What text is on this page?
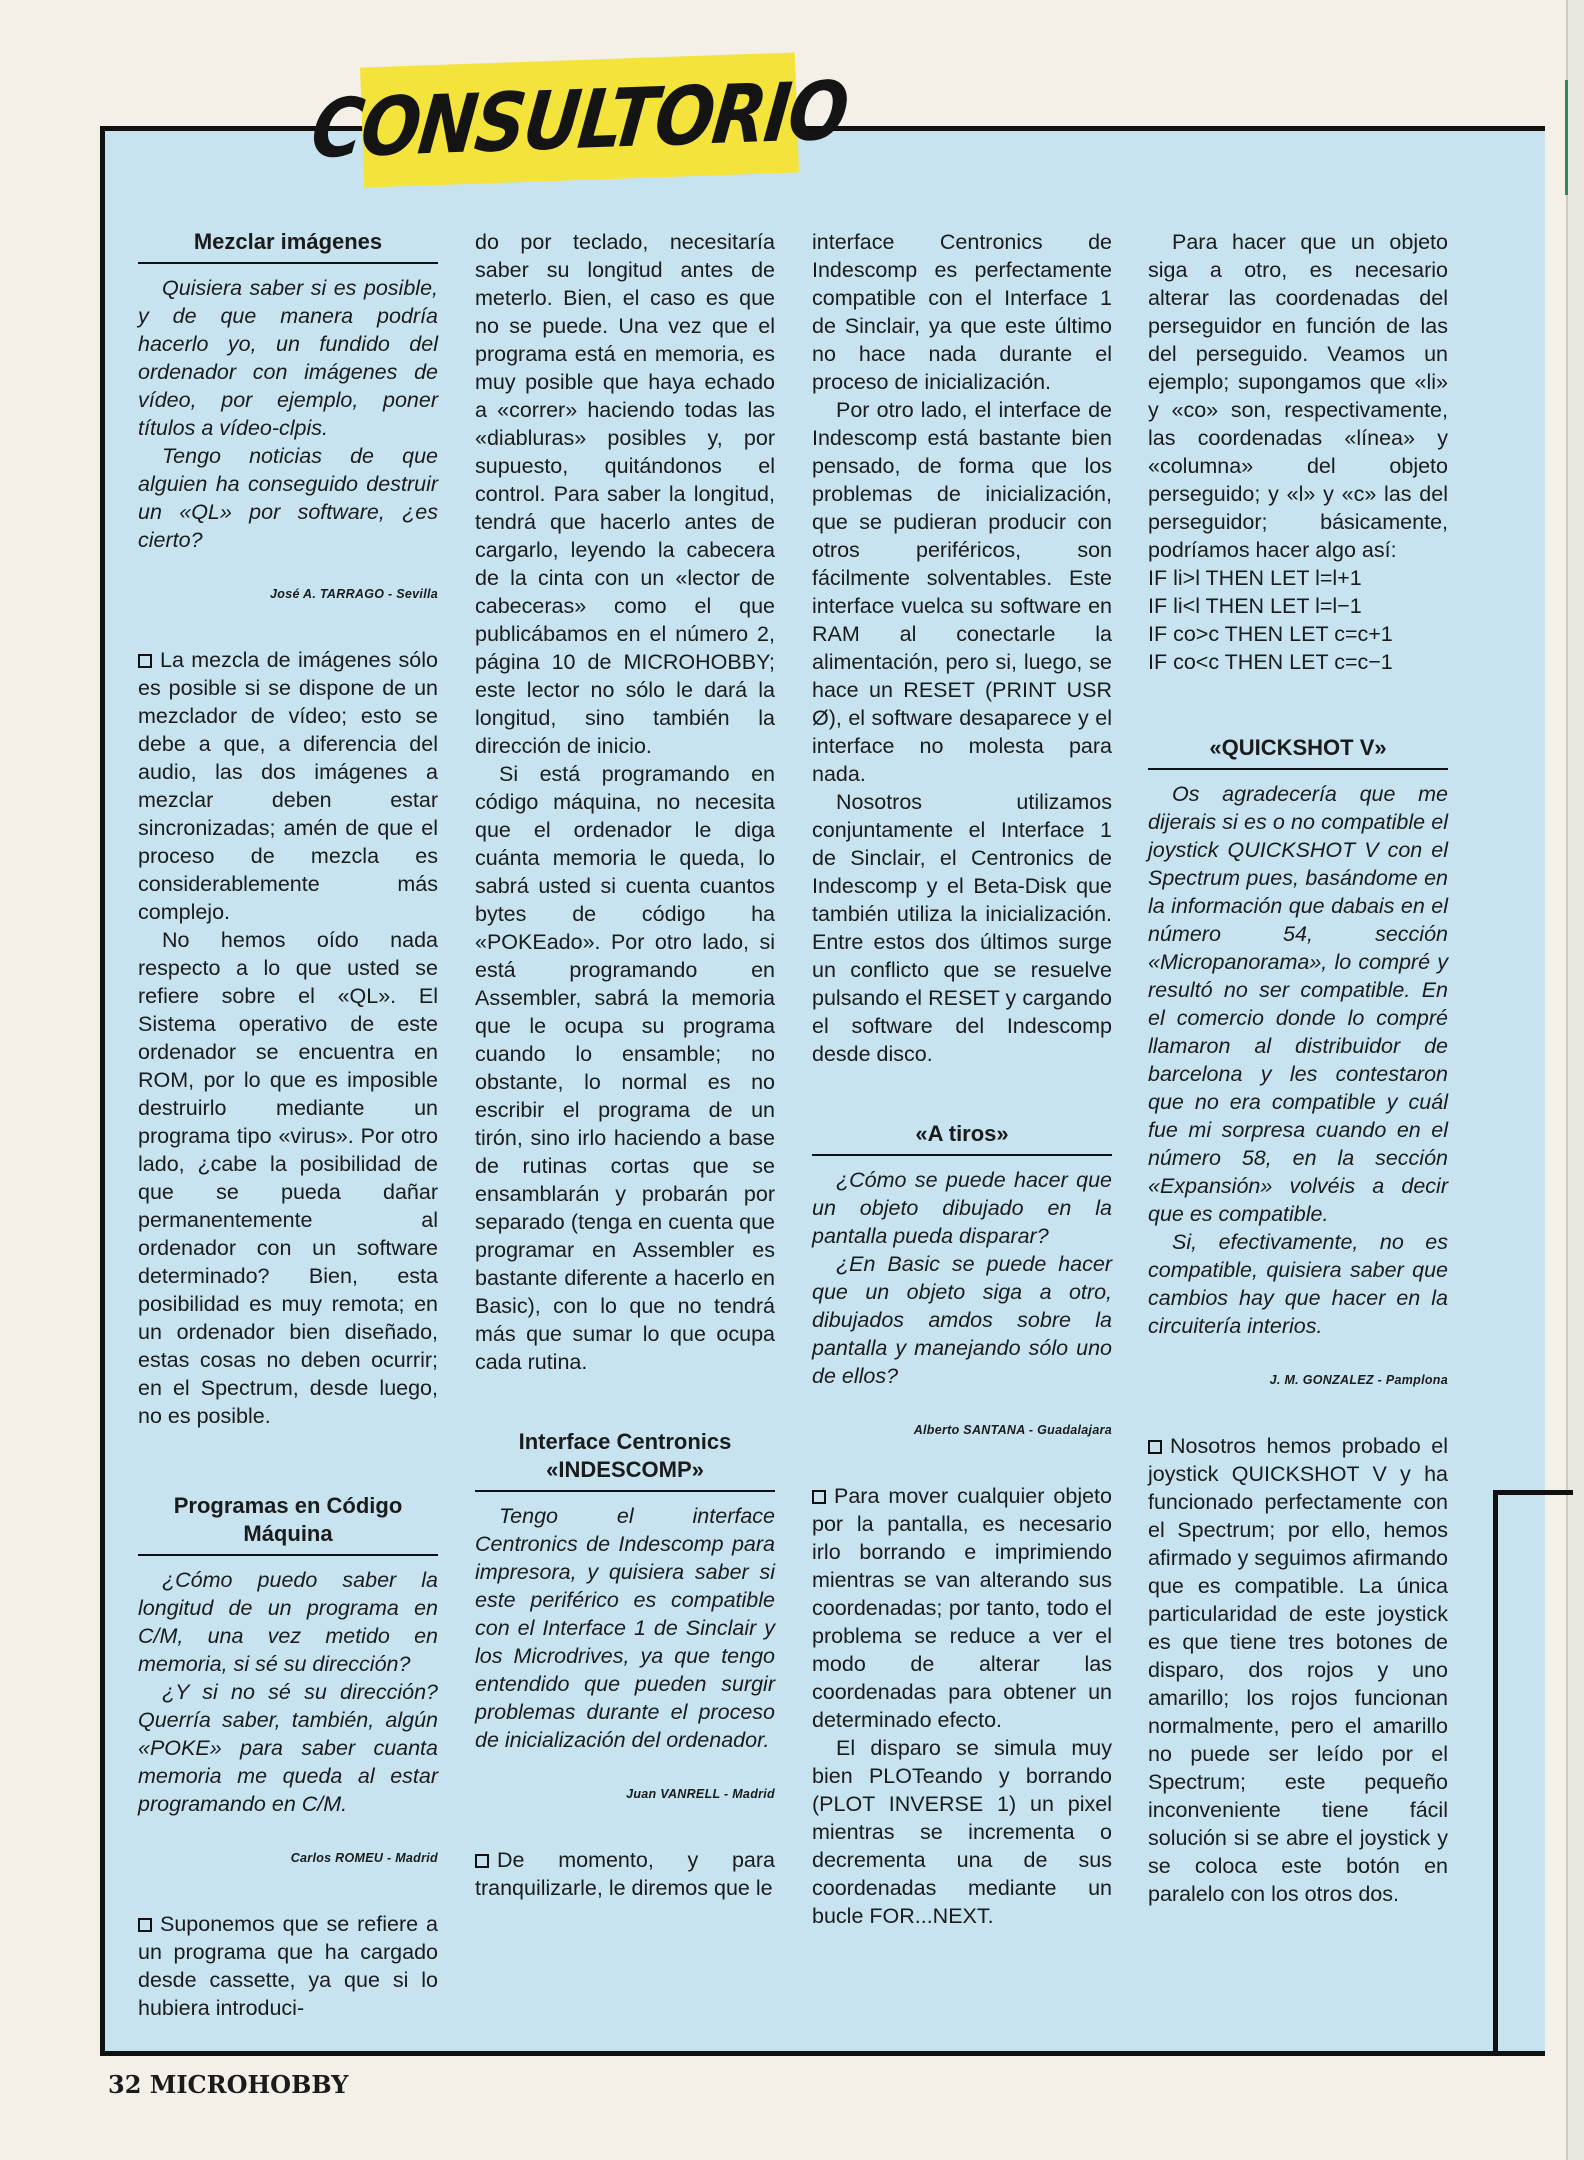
CONSULTORIO
Mezclar imágenes

Quisiera saber si es posible, y de que manera podría hacerlo yo, un fundido del ordenador con imágenes de vídeo, por ejemplo, poner títulos a vídeo-clpis.

Tengo noticias de que alguien ha conseguido destruir un «QL» por software, ¿es cierto?

José A. TARRAGO - Sevilla

La mezcla de imágenes sólo es posible si se dispone de un mezclador de vídeo; esto se debe a que, a diferencia del audio, las dos imágenes a mezclar deben estar sincronizadas; amén de que el proceso de mezcla es considerablemente más complejo.

No hemos oído nada respecto a lo que usted se refiere sobre el «QL». El Sistema operativo de este ordenador se encuentra en ROM, por lo que es imposible destruirlo mediante un programa tipo «virus». Por otro lado, ¿cabe la posibilidad de que se pueda dañar permanentemente al ordenador con un software determinado? Bien, esta posibilidad es muy remota; en un ordenador bien diseñado, estas cosas no deben ocurrir; en el Spectrum, desde luego, no es posible.

Programas en Código Máquina

¿Cómo puedo saber la longitud de un programa en C/M, una vez metido en memoria, si sé su dirección?

¿Y si no sé su dirección? Querría saber, también, algún «POKE» para saber cuanta memoria me queda al estar programando en C/M.

Carlos ROMEU - Madrid

Suponemos que se refiere a un programa que ha cargado desde cassette, ya que si lo hubiera introduci-

do por teclado, necesitaría saber su longitud antes de meterlo. Bien, el caso es que no se puede. Una vez que el programa está en memoria, es muy posible que haya echado a «correr» haciendo todas las «diabluras» posibles y, por supuesto, quitándonos el control. Para saber la longitud, tendrá que hacerlo antes de cargarlo, leyendo la cabecera de la cinta con un «lector de cabeceras» como el que publicábamos en el número 2, página 10 de MICROHOBBY; este lector no sólo le dará la longitud, sino también la dirección de inicio.

Si está programando en código máquina, no necesita que el ordenador le diga cuánta memoria le queda, lo sabrá usted si cuenta cuantos bytes de código ha «POKEado». Por otro lado, si está programando en Assembler, sabrá la memoria que le ocupa su programa cuando lo ensamble; no obstante, lo normal es no escribir el programa de un tirón, sino irlo haciendo a base de rutinas cortas que se ensamblarán y probarán por separado (tenga en cuenta que programar en Assembler es bastante diferente a hacerlo en Basic), con lo que no tendrá más que sumar lo que ocupa cada rutina.

Interface Centronics «INDESCOMP»

Tengo el interface Centronics de Indescomp para impresora, y quisiera saber si este periférico es compatible con el Interface 1 de Sinclair y los Microdrives, ya que tengo entendido que pueden surgir problemas durante el proceso de inicialización del ordenador.

Juan VANRELL - Madrid

De momento, y para tranquilizarle, le diremos que le

interface Centronics de Indescomp es perfectamente compatible con el Interface 1 de Sinclair, ya que este último no hace nada durante el proceso de inicialización.

Por otro lado, el interface de Indescomp está bastante bien pensado, de forma que los problemas de inicialización, que se pudieran producir con otros periféricos, son fácilmente solventables. Este interface vuelca su software en RAM al conectarle la alimentación, pero si, luego, se hace un RESET (PRINT USR Ø), el software desaparece y el interface no molesta para nada.

Nosotros utilizamos conjuntamente el Interface 1 de Sinclair, el Centronics de Indescomp y el Beta-Disk que también utiliza la inicialización. Entre estos dos últimos surge un conflicto que se resuelve pulsando el RESET y cargando el software del Indescomp desde disco.

«A tiros»

¿Cómo se puede hacer que un objeto dibujado en la pantalla pueda disparar?

¿En Basic se puede hacer que un objeto siga a otro, dibujados amdos sobre la pantalla y manejando sólo uno de ellos?

Alberto SANTANA - Guadalajara

Para mover cualquier objeto por la pantalla, es necesario irlo borrando e imprimiendo mientras se van alterando sus coordenadas; por tanto, todo el problema se reduce a ver el modo de alterar las coordenadas para obtener un determinado efecto.

El disparo se simula muy bien PLOTeando y borrando (PLOT INVERSE 1) un pixel mientras se incrementa o decrementa una de sus coordenadas mediante un bucle FOR...NEXT.

Para hacer que un objeto siga a otro, es necesario alterar las coordenadas del perseguidor en función de las del perseguido. Veamos un ejemplo; supongamos que «li» y «co» son, respectivamente, las coordenadas «línea» y «columna» del objeto perseguido; y «l» y «c» las del perseguidor; básicamente, podríamos hacer algo así:

IF li>l THEN LET l=l+1

IF li<l THEN LET l=l−1

IF co>c THEN LET c=c+1

IF co<c THEN LET c=c−1

«QUICKSHOT V»

Os agradecería que me dijerais si es o no compatible el joystick QUICKSHOT V con el Spectrum pues, basándome en la información que dabais en el número 54, sección «Micropanorama», lo compré y resultó no ser compatible. En el comercio donde lo compré llamaron al distribuidor de barcelona y les contestaron que no era compatible y cuál fue mi sorpresa cuando en el número 58, en la sección «Expansión» volvéis a decir que es compatible.

Si, efectivamente, no es compatible, quisiera saber que cambios hay que hacer en la circuitería interios.

J. M. GONZALEZ - Pamplona

Nosotros hemos probado el joystick QUICKSHOT V y ha funcionado perfectamente con el Spectrum; por ello, hemos afirmado y seguimos afirmando que es compatible. La única particularidad de este joystick es que tiene tres botones de disparo, dos rojos y uno amarillo; los rojos funcionan normalmente, pero el amarillo no puede ser leído por el Spectrum; este pequeño inconveniente tiene fácil solución si se abre el joystick y se coloca este botón en paralelo con los otros dos.

32 MICROHOBBY
